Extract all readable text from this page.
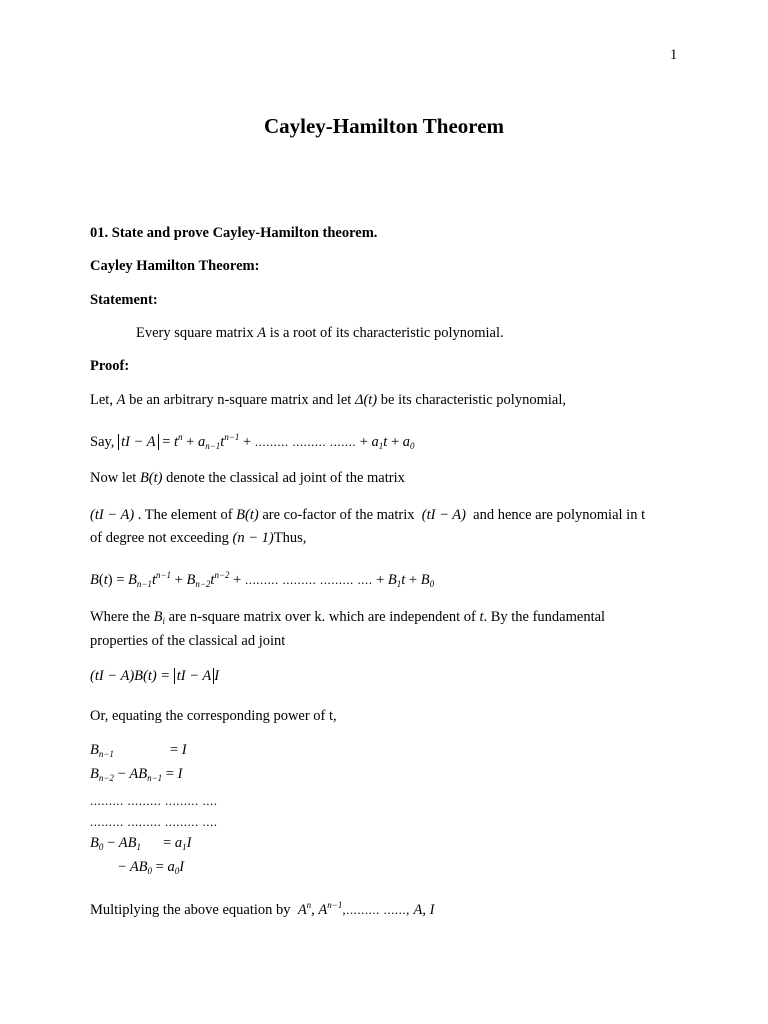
1
Cayley-Hamilton Theorem
01. State and prove Cayley-Hamilton theorem.
Cayley Hamilton Theorem:
Statement:
Every square matrix A is a root of its characteristic polynomial.
Proof:
Let, A be an arbitrary n-square matrix and let Δ(t) be its characteristic polynomial,
Say, tI − $A = t^n + a_{n-1}t^{n-1}$ + ......... ......... ....... + $a_1t + a_0$
Now let B(t) denote the classical ad joint of the matrix
(tI − A) . The element of B(t) are co-factor of the matrix (tI − A) and hence are polynomial in t
of degree not exceeding (n − 1)Thus,
$B(t) = B_{n-1}t^{n-1} + B_{n-2}t^{n-2}$ + ......... ......... ......... .... + $B_1t + B_0$
Where the $B_i$ are n-square matrix over k. which are independent of t. By the fundamental
properties of the classical ad joint
(tI − A)B(t) = tI − A I
Or, equating the corresponding power of t,
$B_{n-1}$	= I
$B_{n-2} - AB_{n-1} = I$
......... ......... ......... ....
......... ......... ......... ....
$B_0 - AB_1 = a_1I$
− $AB_0 = a_0I$
Multiplying the above equation by $A^n$, $A^{n-1}$,......... ......, A, I
